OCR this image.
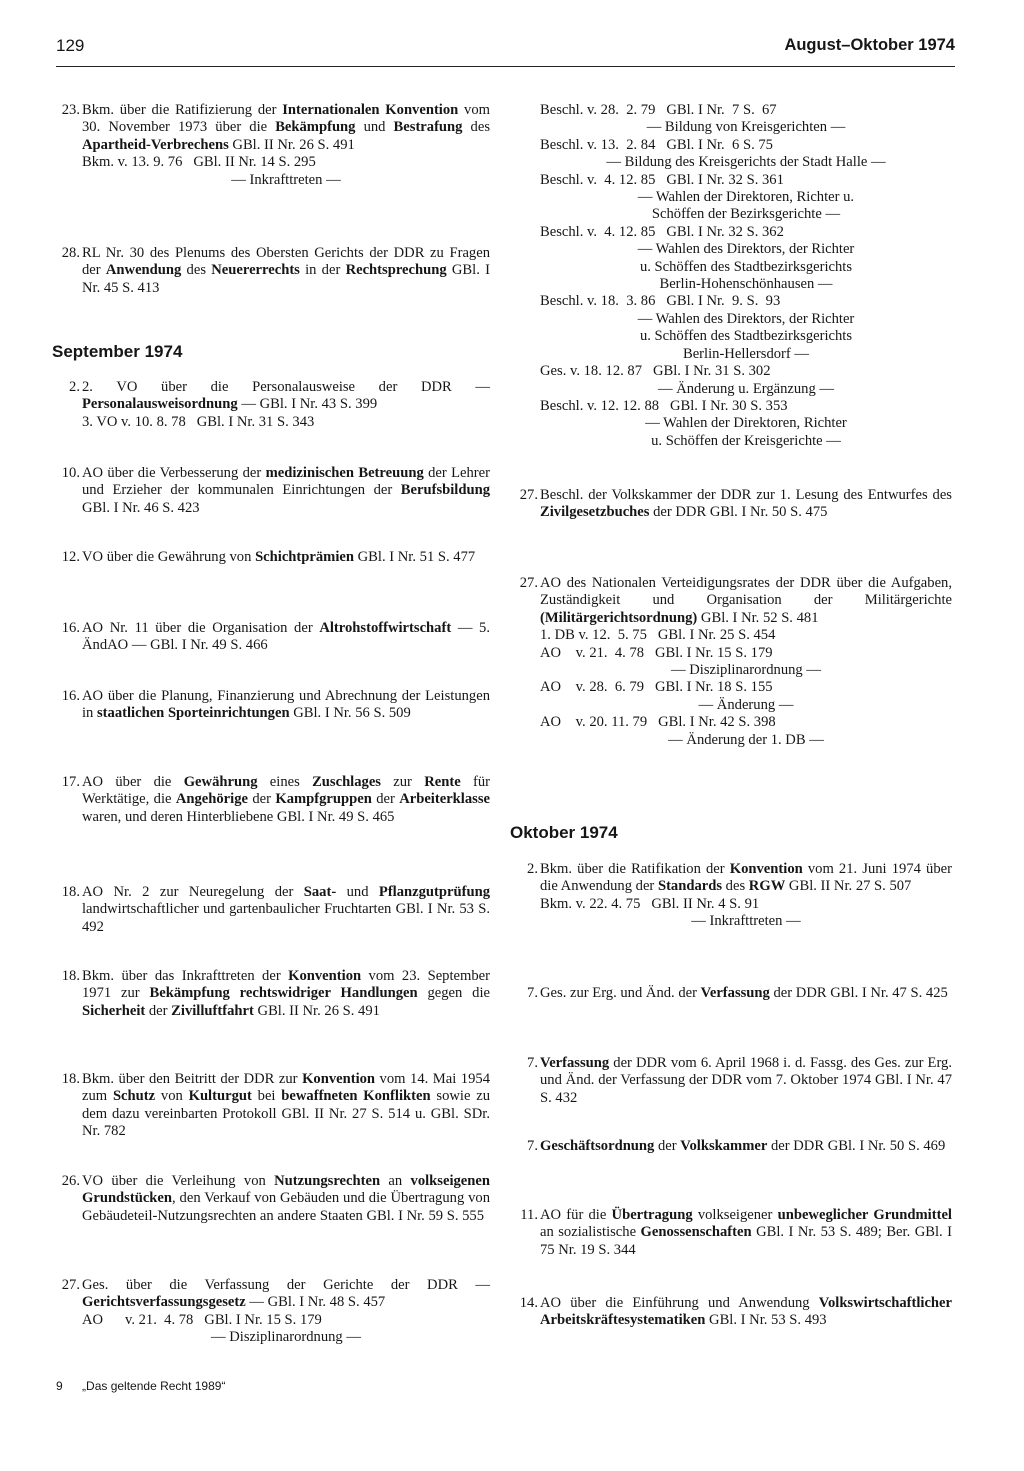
129	August–Oktober 1974
September 1974
23. Bkm. über die Ratifizierung der Internationalen Konvention vom 30. November 1973 über die Bekämpfung und Bestrafung des Apartheid-Verbrechens GBl. II Nr. 26 S. 491
Bkm. v. 13. 9. 76   GBl. II Nr. 14 S. 295
— Inkrafttreten —
28. RL Nr. 30 des Plenums des Obersten Gerichts der DDR zu Fragen der Anwendung des Neuererrechts in der Rechtsprechung GBl. I Nr. 45 S. 413
2. 2. VO über die Personalausweise der DDR — Personalausweisordnung — GBl. I Nr. 43 S. 399
3. VO v. 10. 8. 78   GBl. I Nr. 31 S. 343
10. AO über die Verbesserung der medizinischen Betreuung der Lehrer und Erzieher der kommunalen Einrichtungen der Berufsbildung GBl. I Nr. 46 S. 423
12. VO über die Gewährung von Schichtprämien GBl. I Nr. 51 S. 477
16. AO Nr. 11 über die Organisation der Altrohstoffwirtschaft — 5. ÄndAO — GBl. I Nr. 49 S. 466
16. AO über die Planung, Finanzierung und Abrechnung der Leistungen in staatlichen Sporteinrichtungen GBl. I Nr. 56 S. 509
17. AO über die Gewährung eines Zuschlages zur Rente für Werktätige, die Angehörige der Kampfgruppen der Arbeiterklasse waren, und deren Hinterbliebene GBl. I Nr. 49 S. 465
18. AO Nr. 2 zur Neuregelung der Saat- und Pflanzgutprüfung landwirtschaftlicher und gartenbaulicher Fruchtarten GBl. I Nr. 53 S. 492
18. Bkm. über das Inkrafttreten der Konvention vom 23. September 1971 zur Bekämpfung rechtswidriger Handlungen gegen die Sicherheit der Zivilluftfahrt GBl. II Nr. 26 S. 491
18. Bkm. über den Beitritt der DDR zur Konvention vom 14. Mai 1954 zum Schutz von Kulturgut bei bewaffneten Konflikten sowie zu dem dazu vereinbarten Protokoll GBl. II Nr. 27 S. 514 u. GBl. SDr. Nr. 782
26. VO über die Verleihung von Nutzungsrechten an volkseigenen Grundstücken, den Verkauf von Gebäuden und die Übertragung von Gebäudeteil-Nutzungsrechten an andere Staaten GBl. I Nr. 59 S. 555
27. Ges. über die Verfassung der Gerichte der DDR — Gerichtsverfassungsgesetz — GBl. I Nr. 48 S. 457
AO      v. 21.  4. 78   GBl. I Nr. 15 S. 179
— Disziplinarordnung —
Beschl. v. 28.  2. 79   GBl. I Nr.  7 S.  67
— Bildung von Kreisgerichten —
Beschl. v. 13.  2. 84   GBl. I Nr.  6 S. 75
— Bildung des Kreisgerichts der Stadt Halle —
Beschl. v.  4. 12. 85   GBl. I Nr. 32 S. 361
— Wahlen der Direktoren, Richter u.
Schöffen der Bezirksgerichte —
Beschl. v.  4. 12. 85   GBl. I Nr. 32 S. 362
— Wahlen des Direktors, der Richter
u. Schöffen des Stadtbezirksgerichts
Berlin-Hohenschönhausen —
Beschl. v. 18.  3. 86   GBl. I Nr.  9. S.  93
— Wahlen des Direktors, der Richter
u. Schöffen des Stadtbezirksgerichts
Berlin-Hellersdorf —
Ges. v. 18. 12. 87   GBl. I Nr. 31 S. 302
— Änderung u. Ergänzung —
Beschl. v. 12. 12. 88   GBl. I Nr. 30 S. 353
— Wahlen der Direktoren, Richter
u. Schöffen der Kreisgerichte —
Oktober 1974
27. Beschl. der Volkskammer der DDR zur 1. Lesung des Entwurfes des Zivilgesetzbuches der DDR GBl. I Nr. 50 S. 475
27. AO des Nationalen Verteidigungsrates der DDR über die Aufgaben, Zuständigkeit und Organisation der Militärgerichte (Militärgerichtsordnung) GBl. I Nr. 52 S. 481
1. DB v. 12.  5. 75   GBl. I Nr. 25 S. 454
AO    v. 21.  4. 78   GBl. I Nr. 15 S. 179
— Disziplinarordnung —
AO    v. 28.  6. 79   GBl. I Nr. 18 S. 155
— Änderung —
AO    v. 20. 11. 79   GBl. I Nr. 42 S. 398
— Änderung der 1. DB —
2. Bkm. über die Ratifikation der Konvention vom 21. Juni 1974 über die Anwendung der Standards des RGW GBl. II Nr. 27 S. 507
Bkm. v. 22. 4. 75   GBl. II Nr. 4 S. 91
— Inkrafttreten —
7. Ges. zur Erg. und Änd. der Verfassung der DDR GBl. I Nr. 47 S. 425
7. Verfassung der DDR vom 6. April 1968 i. d. Fassg. des Ges. zur Erg. und Änd. der Verfassung der DDR vom 7. Oktober 1974 GBl. I Nr. 47 S. 432
7. Geschäftsordnung der Volkskammer der DDR GBl. I Nr. 50 S. 469
11. AO für die Übertragung volkseigener unbeweglicher Grundmittel an sozialistische Genossenschaften GBl. I Nr. 53 S. 489; Ber. GBl. I 75 Nr. 19 S. 344
14. AO über die Einführung und Anwendung Volkswirtschaftlicher Arbeitskräftesystematiken GBl. I Nr. 53 S. 493
9 „Das geltende Recht 1989“
